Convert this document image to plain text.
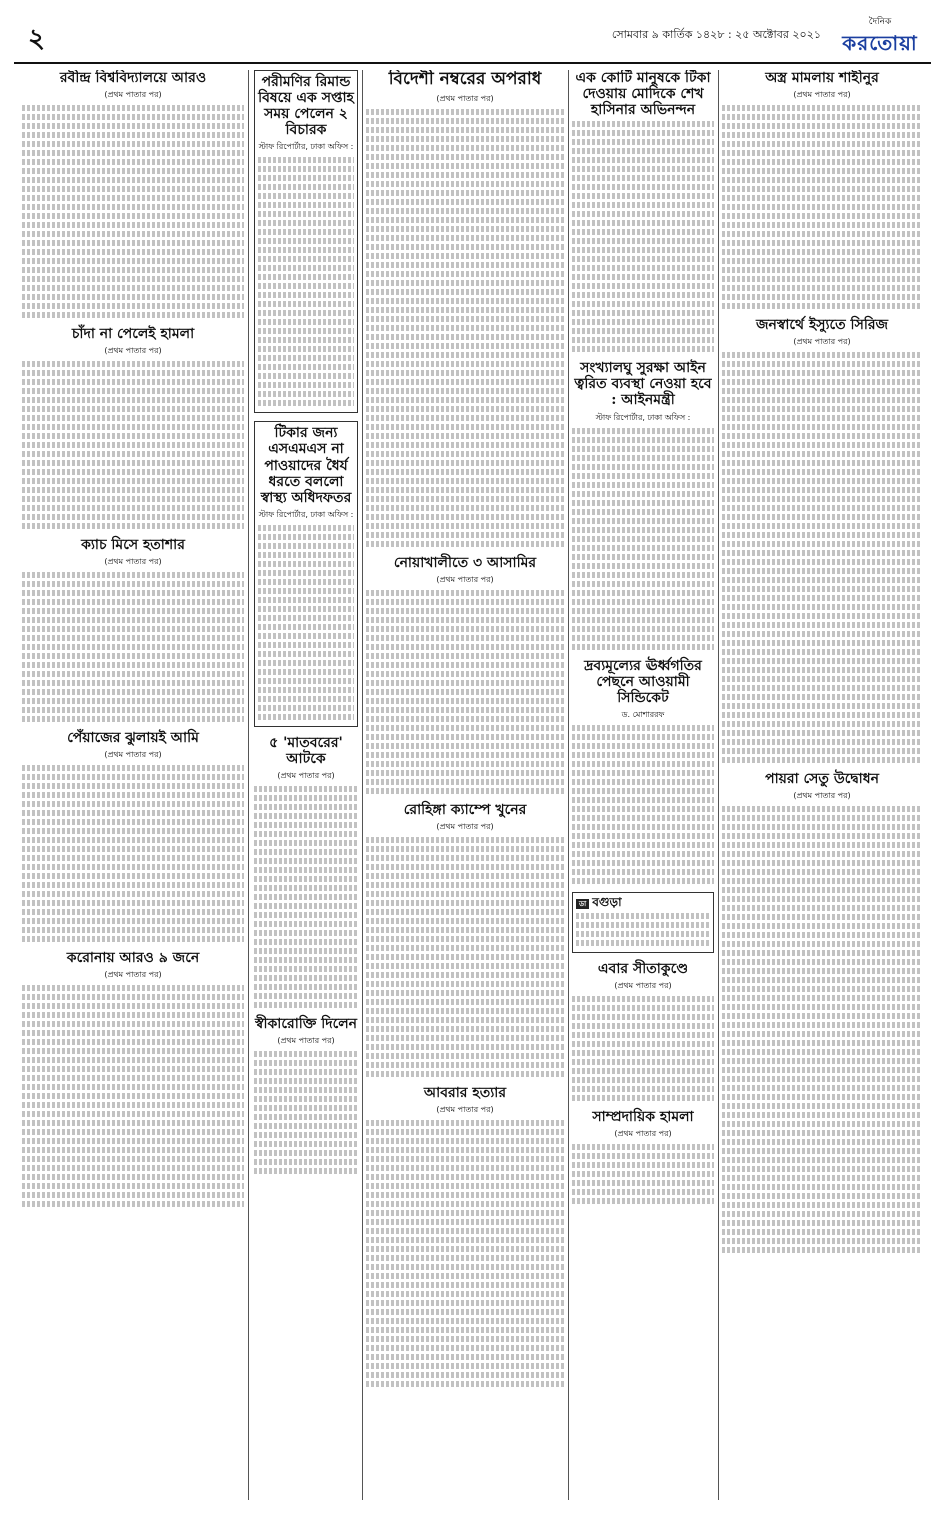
২	সোমবার ৯ কার্তিক ১৪২৮ : ২৫ অক্টোবর ২০২১
দৈনিক
করতোয়া
রবীন্দ্র বিশ্ববিদ্যালয়ে আরও
(প্রথম পাতার পর)
চাঁদা না পেলেই হামলা
(প্রথম পাতার পর)
ক্যাচ মিসে হতাশার
(প্রথম পাতার পর)
পেঁয়াজের ঝুলায়ই আমি
(প্রথম পাতার পর)
করোনায় আরও ৯ জনে
(প্রথম পাতার পর)
পরীমণির রিমান্ড বিষয়ে এক সপ্তাহ সময় পেলেন ২ বিচারক
স্টাফ রিপোর্টার, ঢাকা অফিস :
টিকার জন্য এসএমএস না পাওয়াদের ধৈর্য ধরতে বললো স্বাস্থ্য অধিদফতর
স্টাফ রিপোর্টার, ঢাকা অফিস :
৫ 'মাতবরের' আটকে
(প্রথম পাতার পর)
স্বীকারোক্তি দিলেন
(প্রথম পাতার পর)
বিদেশী নম্বরের অপরাধ
(প্রথম পাতার পর)
নোয়াখালীতে ৩ আসামির
(প্রথম পাতার পর)
রোহিঙ্গা ক্যাম্পে খুনের
(প্রথম পাতার পর)
আবরার হত্যার
(প্রথম পাতার পর)
এক কোটি মানুষকে টিকা দেওয়ায় মোদিকে শেখ হাসিনার অভিনন্দন
সংখ্যালঘু সুরক্ষা আইন ত্বরিত ব্যবস্থা নেওয়া হবে : আইনমন্ত্রী
স্টাফ রিপোর্টার, ঢাকা অফিস :
দ্রব্যমূল্যের ঊর্ধ্বগতির পেছনে আওয়ামী সিন্ডিকেট
ড. মোশাররফ
ডা বগুড়া
এবার সীতাকুণ্ডে
(প্রথম পাতার পর)
সাম্প্রদায়িক হামলা
(প্রথম পাতার পর)
অস্ত্র মামলায় শাহীনুর
(প্রথম পাতার পর)
জনস্বার্থে ইস্যুতে সিরিজ
(প্রথম পাতার পর)
পায়রা সেতু উদ্বোধন
(প্রথম পাতার পর)
